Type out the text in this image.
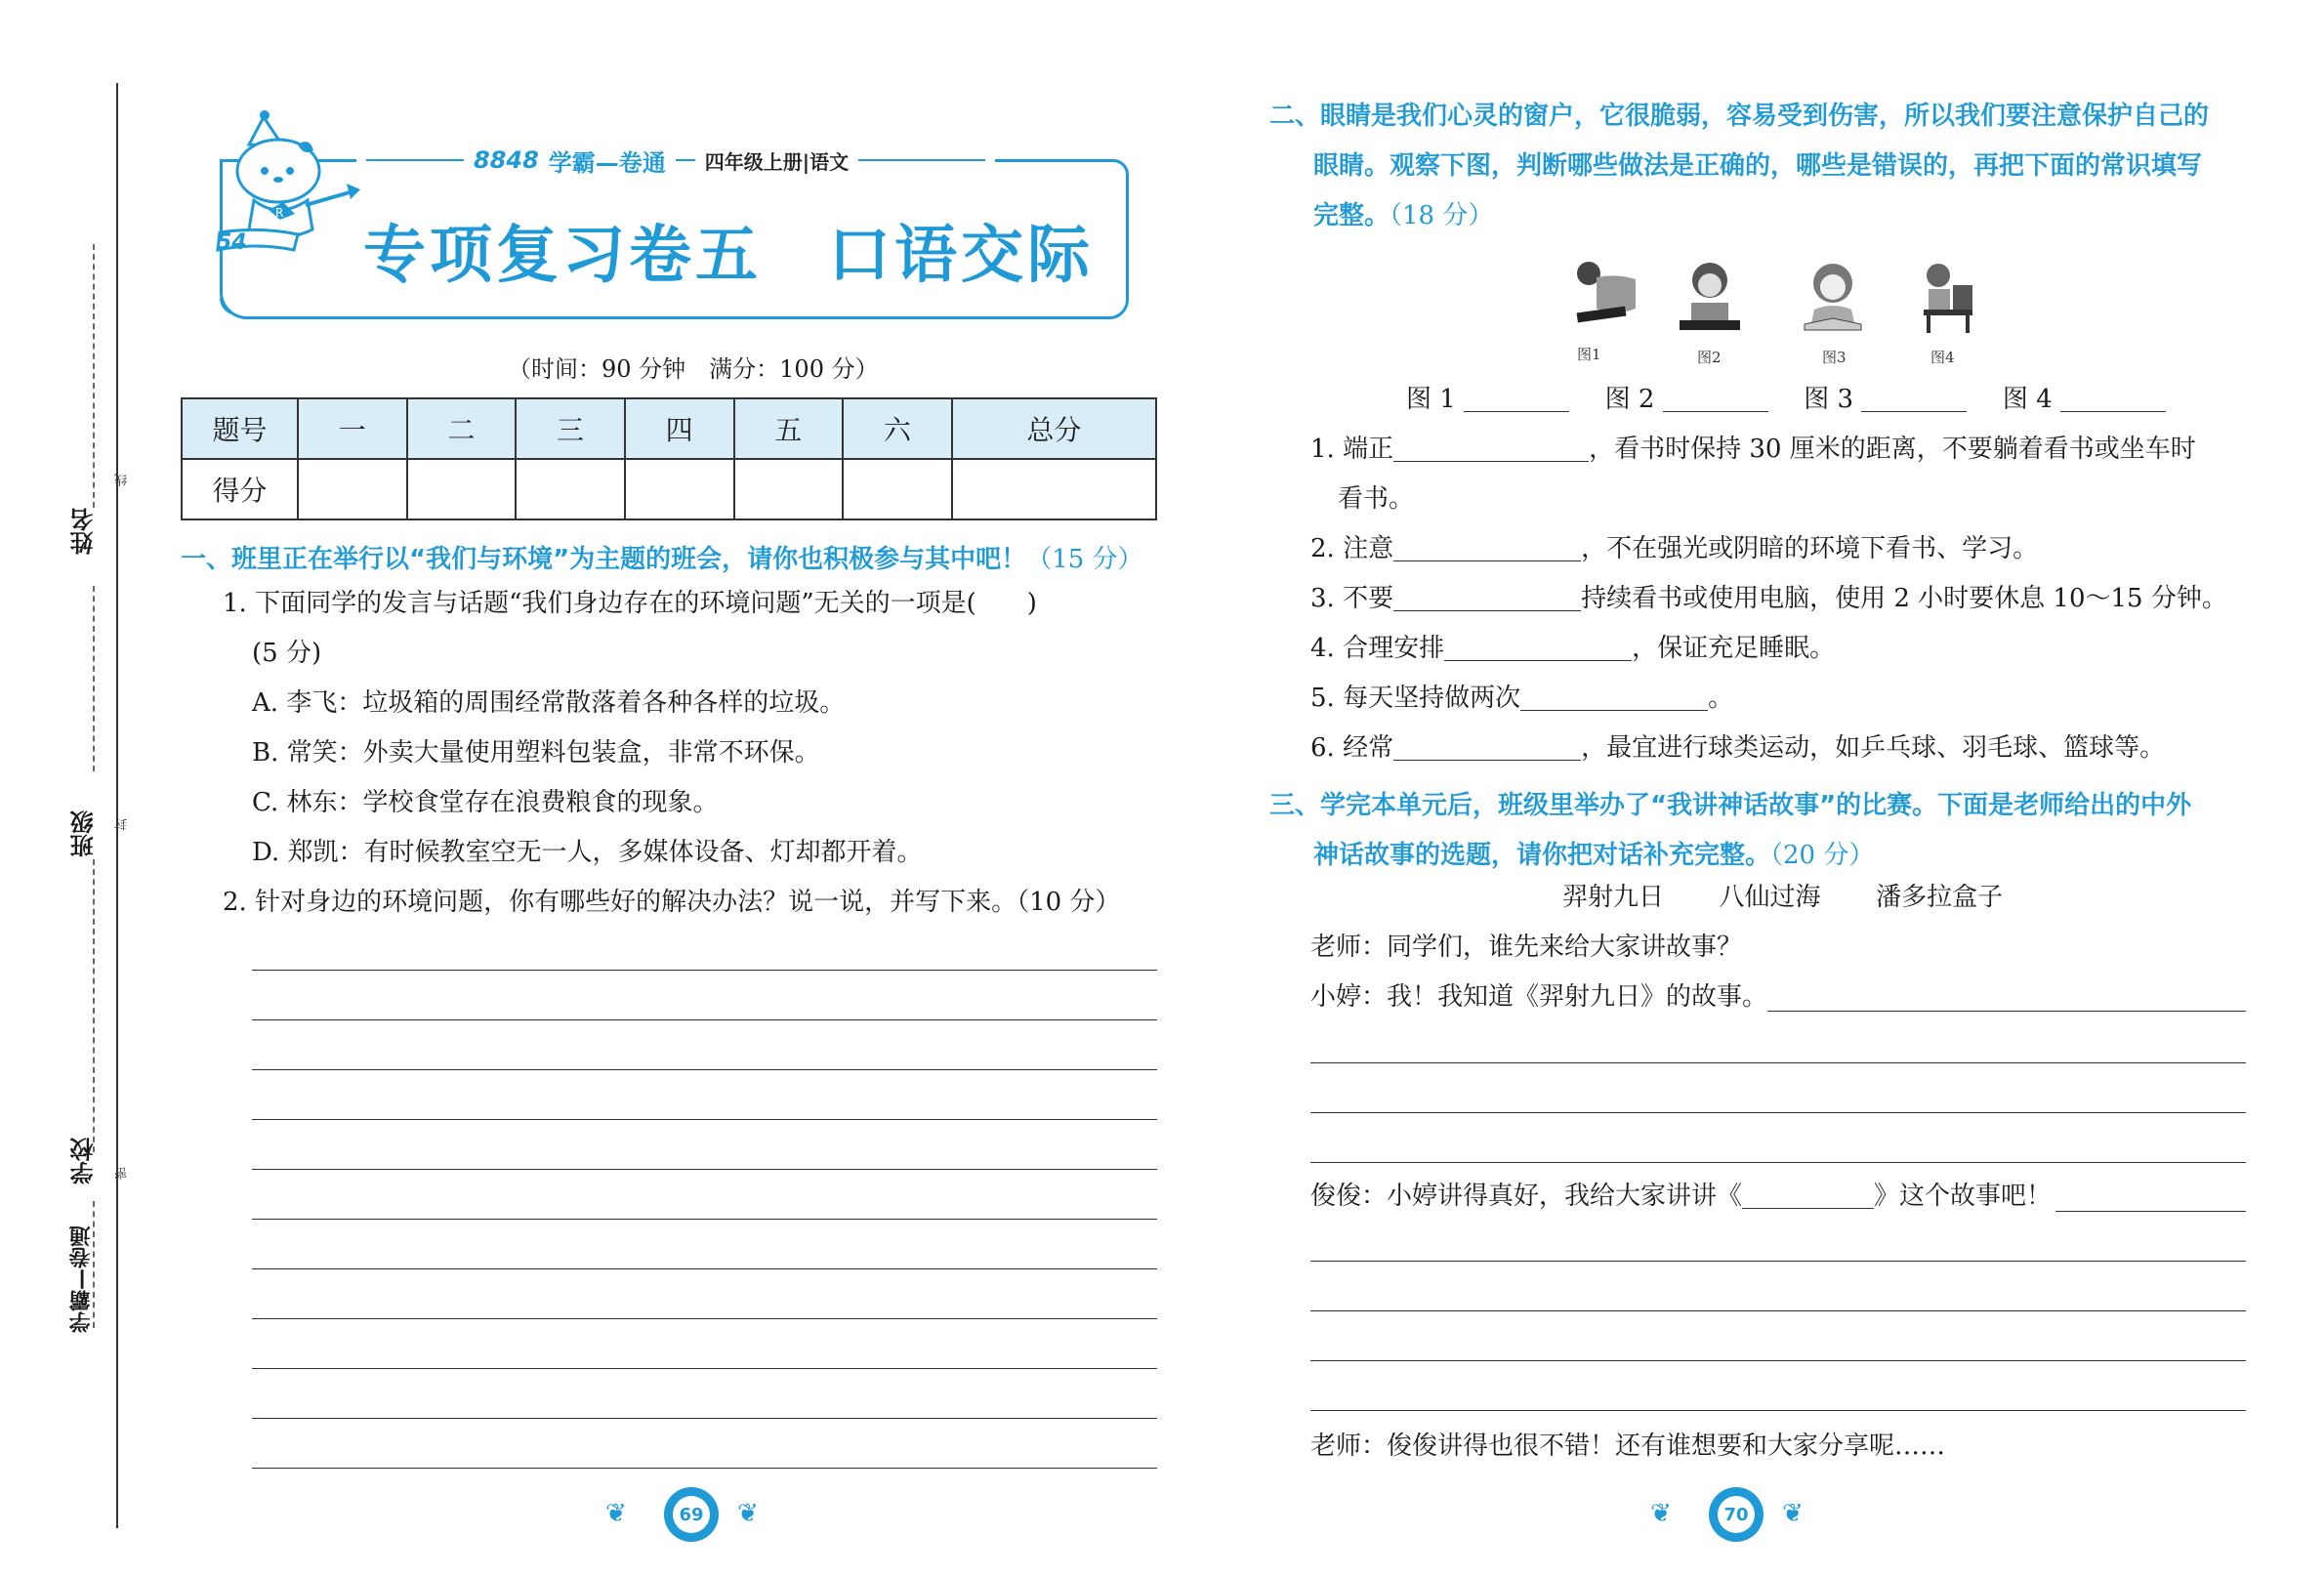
姓名
班级
学校
学霸—卷通
线
封
密
R
54
8848 学霸—卷通 四年级上册|语文
专项复习卷五　口语交际
（时间：90 分钟　满分：100 分）
题号	一	二	三	四	五	六	总分
得分							
一、班里正在举行以“我们与环境”为主题的班会，请你也积极参与其中吧！（15 分）
1. 下面同学的发言与话题“我们身边存在的环境问题”无关的一项是(　　)
(5 分)
A. 李飞：垃圾箱的周围经常散落着各种各样的垃圾。
B. 常笑：外卖大量使用塑料包装盒，非常不环保。
C. 林东：学校食堂存在浪费粮食的现象。
D. 郑凯：有时候教室空无一人，多媒体设备、灯却都开着。
2. 针对身边的环境问题，你有哪些好的解决办法？说一说，并写下来。（10 分）
❦	69 ❦
二、眼睛是我们心灵的窗户，它很脆弱，容易受到伤害，所以我们要注意保护自己的
眼睛。观察下图，判断哪些做法是正确的，哪些是错误的，再把下面的常识填写
完整。（18 分）
图1	图2	图3	图4
图 1	图 2	图 3	图 4
1. 端正	，看书时保持 30 厘米的距离，不要躺着看书或坐车时
看书。
2. 注意	，不在强光或阴暗的环境下看书、学习。
3. 不要	持续看书或使用电脑，使用 2 小时要休息 10～15 分钟。
4. 合理安排	，保证充足睡眠。
5. 每天坚持做两次	。
6. 经常	，最宜进行球类运动，如乒乓球、羽毛球、篮球等。
三、学完本单元后，班级里举办了“我讲神话故事”的比赛。下面是老师给出的中外
神话故事的选题，请你把对话补充完整。（20 分）
羿射九日 八仙过海 潘多拉盒子
老师：同学们，谁先来给大家讲故事？
小婷：我！我知道《羿射九日》的故事。
俊俊：小婷讲得真好，我给大家讲讲《	》这个故事吧！
老师：俊俊讲得也很不错！还有谁想要和大家分享呢……
❦	70 ❦
